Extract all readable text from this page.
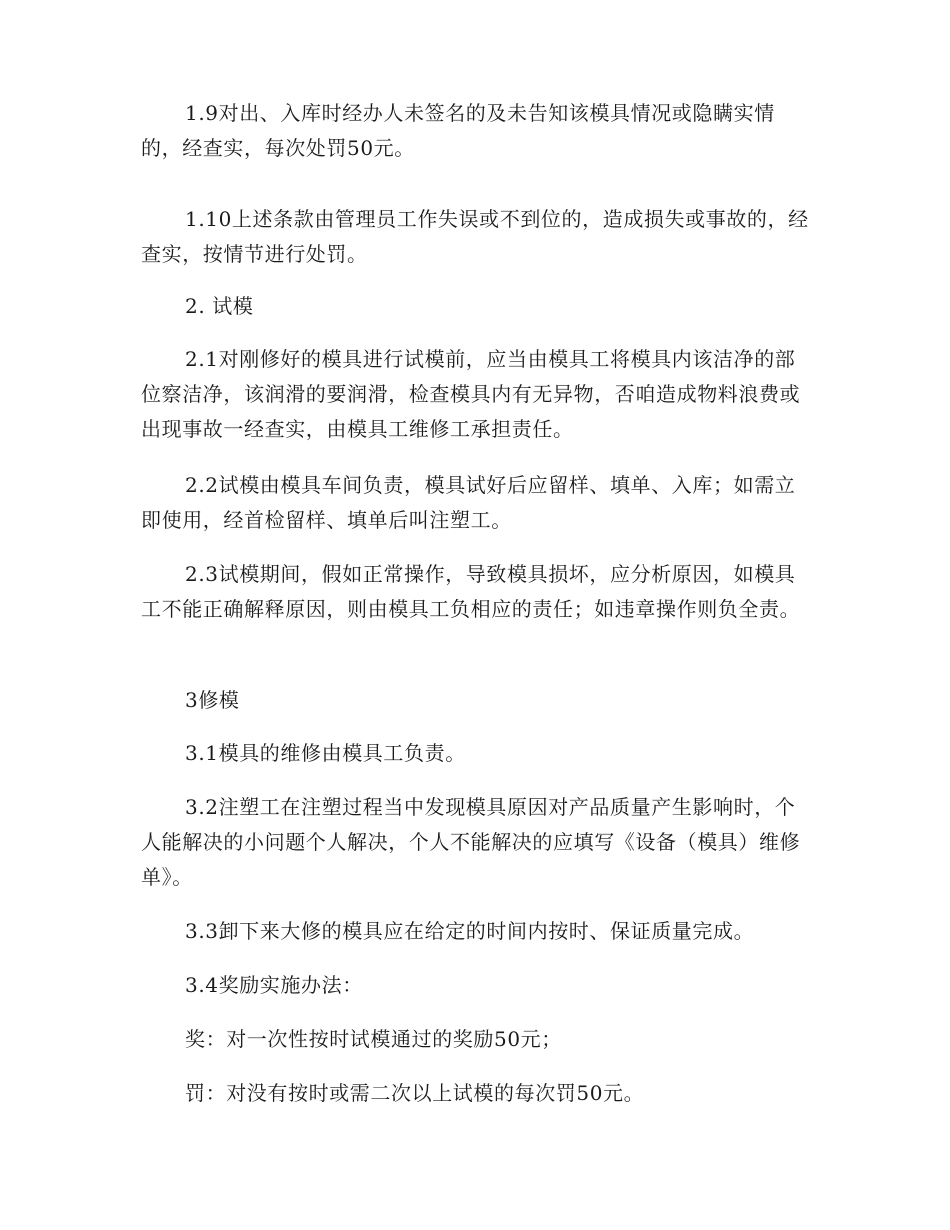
1.9对出、入库时经办人未签名的及未告知该模具情况或隐瞒实情的，经查实，每次处罚50元。

1.10上述条款由管理员工作失误或不到位的，造成损失或事故的，经查实，按情节进行处罚。

2. 试模

2.1对刚修好的模具进行试模前，应当由模具工将模具内该洁净的部位察洁净，该润滑的要润滑，检查模具内有无异物，否咱造成物料浪费或出现事故一经查实，由模具工维修工承担责任。

2.2试模由模具车间负责，模具试好后应留样、填单、入库；如需立即使用，经首检留样、填单后叫注塑工。

2.3试模期间，假如正常操作，导致模具损坏，应分析原因，如模具工不能正确解释原因，则由模具工负相应的责任；如违章操作则负全责。

3修模

3.1模具的维修由模具工负责。

3.2注塑工在注塑过程当中发现模具原因对产品质量产生影响时，个人能解决的小问题个人解决，个人不能解决的应填写《设备（模具）维修单》。

3.3卸下来大修的模具应在给定的时间内按时、保证质量完成。

3.4奖励实施办法：

奖：对一次性按时试模通过的奖励50元；

罚：对没有按时或需二次以上试模的每次罚50元。
